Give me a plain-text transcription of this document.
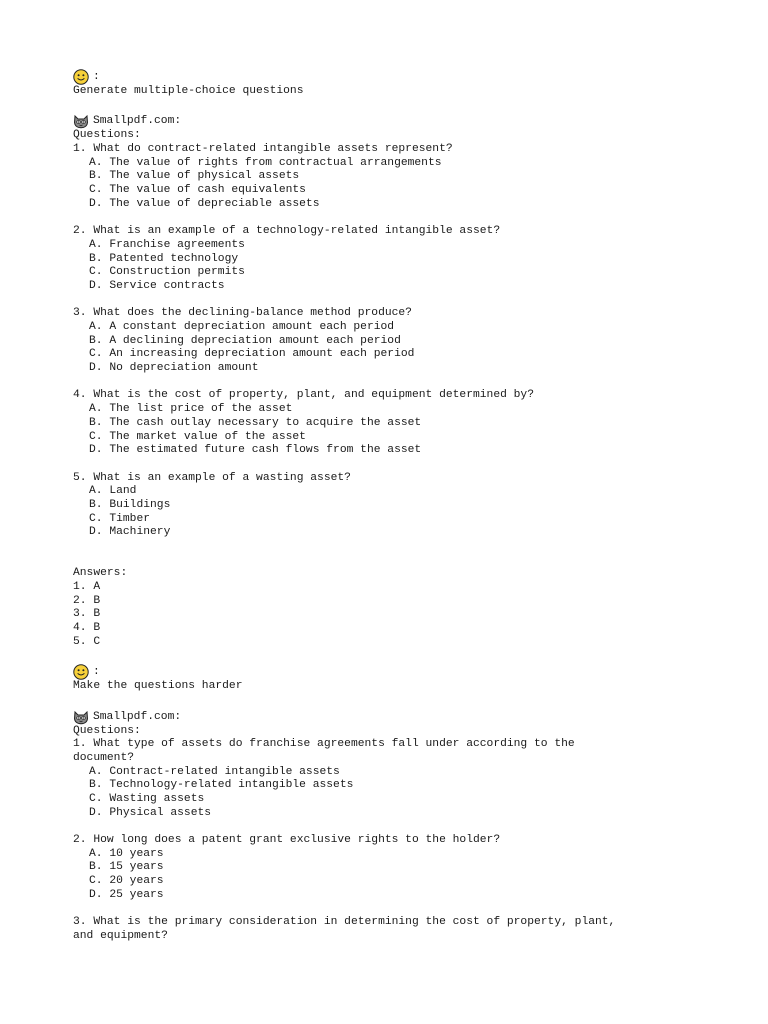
:
Generate multiple-choice questions
Smallpdf.com:
Questions:
1. What do contract-related intangible assets represent?
A. The value of rights from contractual arrangements
B. The value of physical assets
C. The value of cash equivalents
D. The value of depreciable assets
2. What is an example of a technology-related intangible asset?
A. Franchise agreements
B. Patented technology
C. Construction permits
D. Service contracts
3. What does the declining-balance method produce?
A. A constant depreciation amount each period
B. A declining depreciation amount each period
C. An increasing depreciation amount each period
D. No depreciation amount
4. What is the cost of property, plant, and equipment determined by?
A. The list price of the asset
B. The cash outlay necessary to acquire the asset
C. The market value of the asset
D. The estimated future cash flows from the asset
5. What is an example of a wasting asset?
A. Land
B. Buildings
C. Timber
D. Machinery
Answers:
1. A
2. B
3. B
4. B
5. C
:
Make the questions harder
Smallpdf.com:
Questions:
1. What type of assets do franchise agreements fall under according to the
document?
A. Contract-related intangible assets
B. Technology-related intangible assets
C. Wasting assets
D. Physical assets
2. How long does a patent grant exclusive rights to the holder?
A. 10 years
B. 15 years
C. 20 years
D. 25 years
3. What is the primary consideration in determining the cost of property, plant,
and equipment?
